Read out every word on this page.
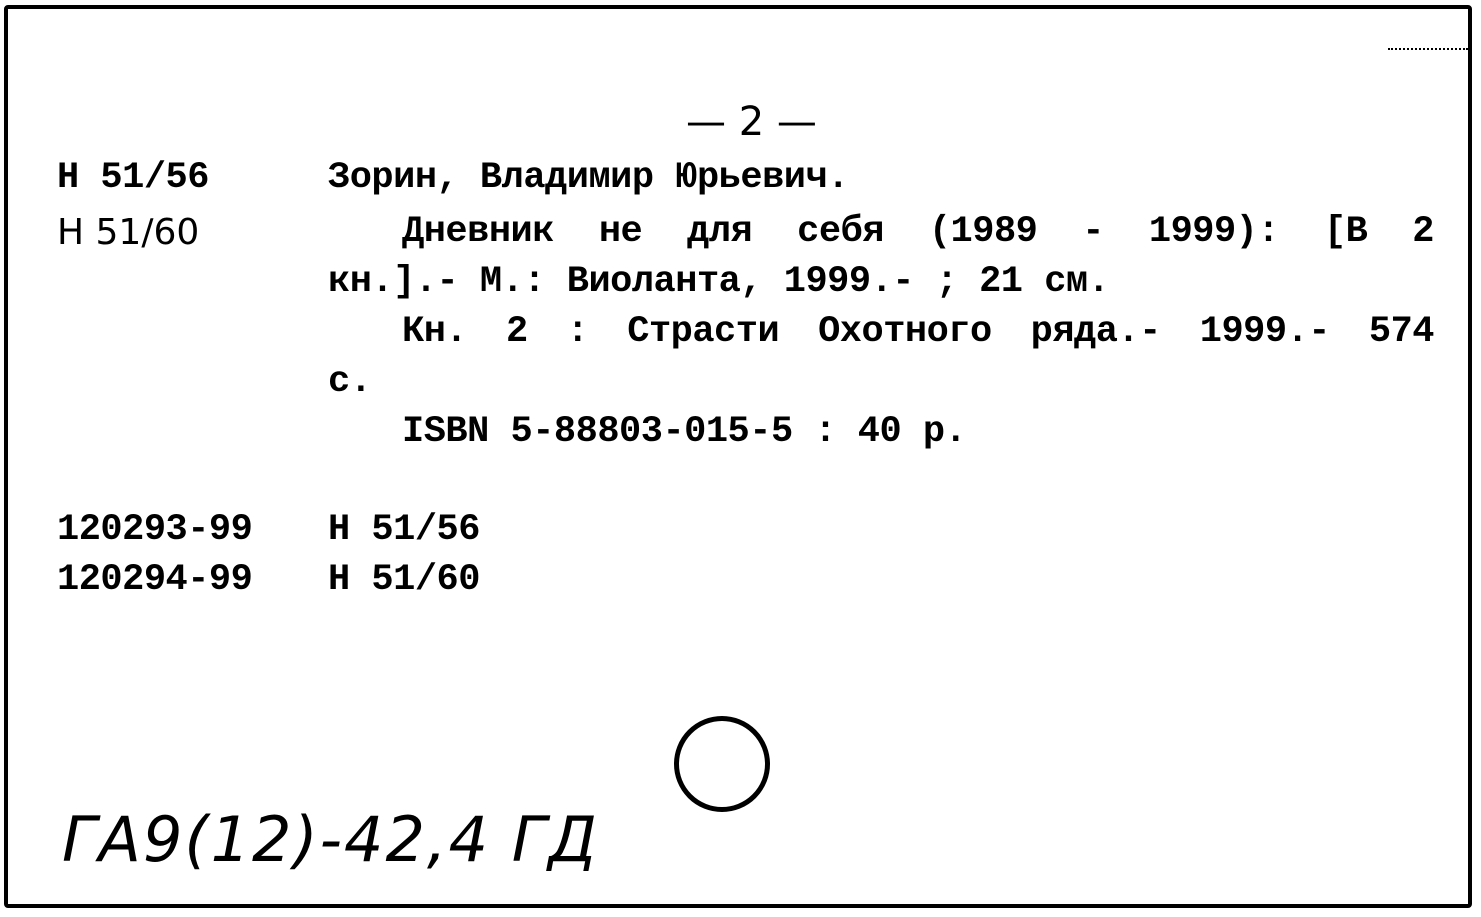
— 2 —
Н 51/56
Н 51/60
Зорин, Владимир Юрьевич.
Дневник не для себя (1989 - 1999): [В 2
кн.].- М.: Виоланта, 1999.- ; 21 см.
Кн. 2 : Страсти Охотного ряда.- 1999.- 574
с.
ISBN 5-88803-015-5 : 40 р.
120293-99 Н 51/56
120294-99 Н 51/60
ГА9(12)-42,4 ГД
